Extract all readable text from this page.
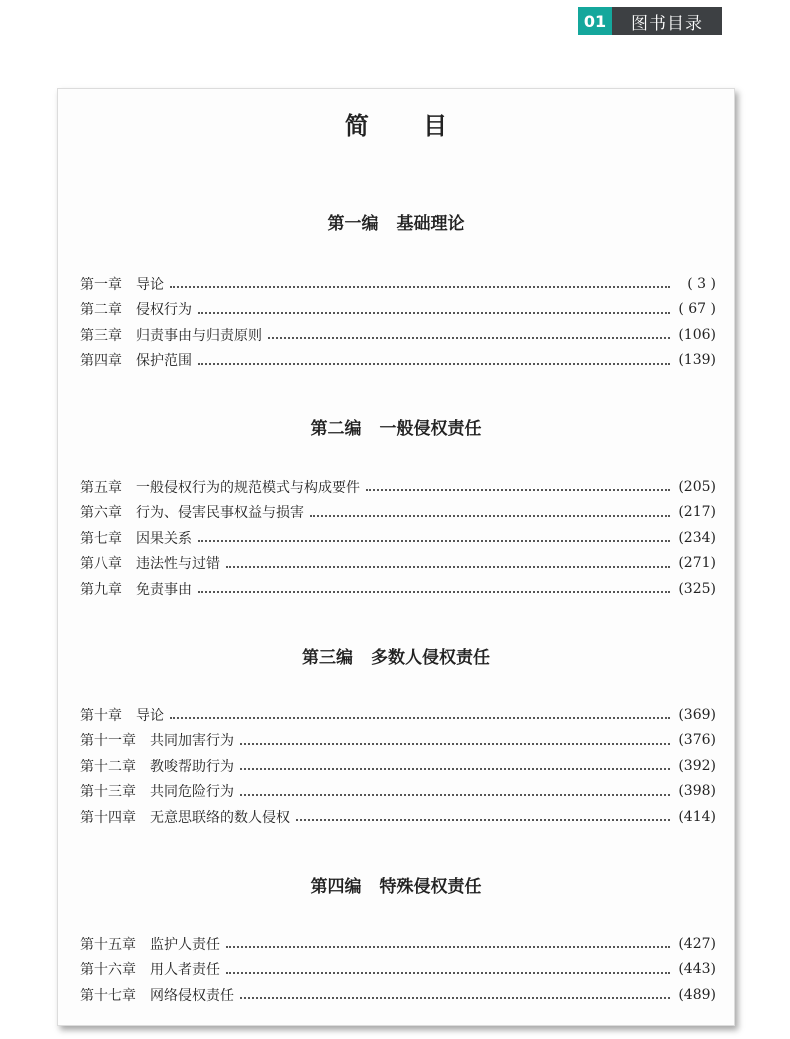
01	图书目录
简 目
第一编 基础理论
第一章 导论	( 3 )
第二章 侵权行为	( 67 )
第三章 归责事由与归责原则	(106)
第四章 保护范围	(139)
第二编 一般侵权责任
第五章 一般侵权行为的规范模式与构成要件	(205)
第六章 行为、侵害民事权益与损害	(217)
第七章 因果关系	(234)
第八章 违法性与过错	(271)
第九章 免责事由	(325)
第三编 多数人侵权责任
第十章 导论	(369)
第十一章 共同加害行为	(376)
第十二章 教唆帮助行为	(392)
第十三章 共同危险行为	(398)
第十四章 无意思联络的数人侵权	(414)
第四编 特殊侵权责任
第十五章 监护人责任	(427)
第十六章 用人者责任	(443)
第十七章 网络侵权责任	(489)
